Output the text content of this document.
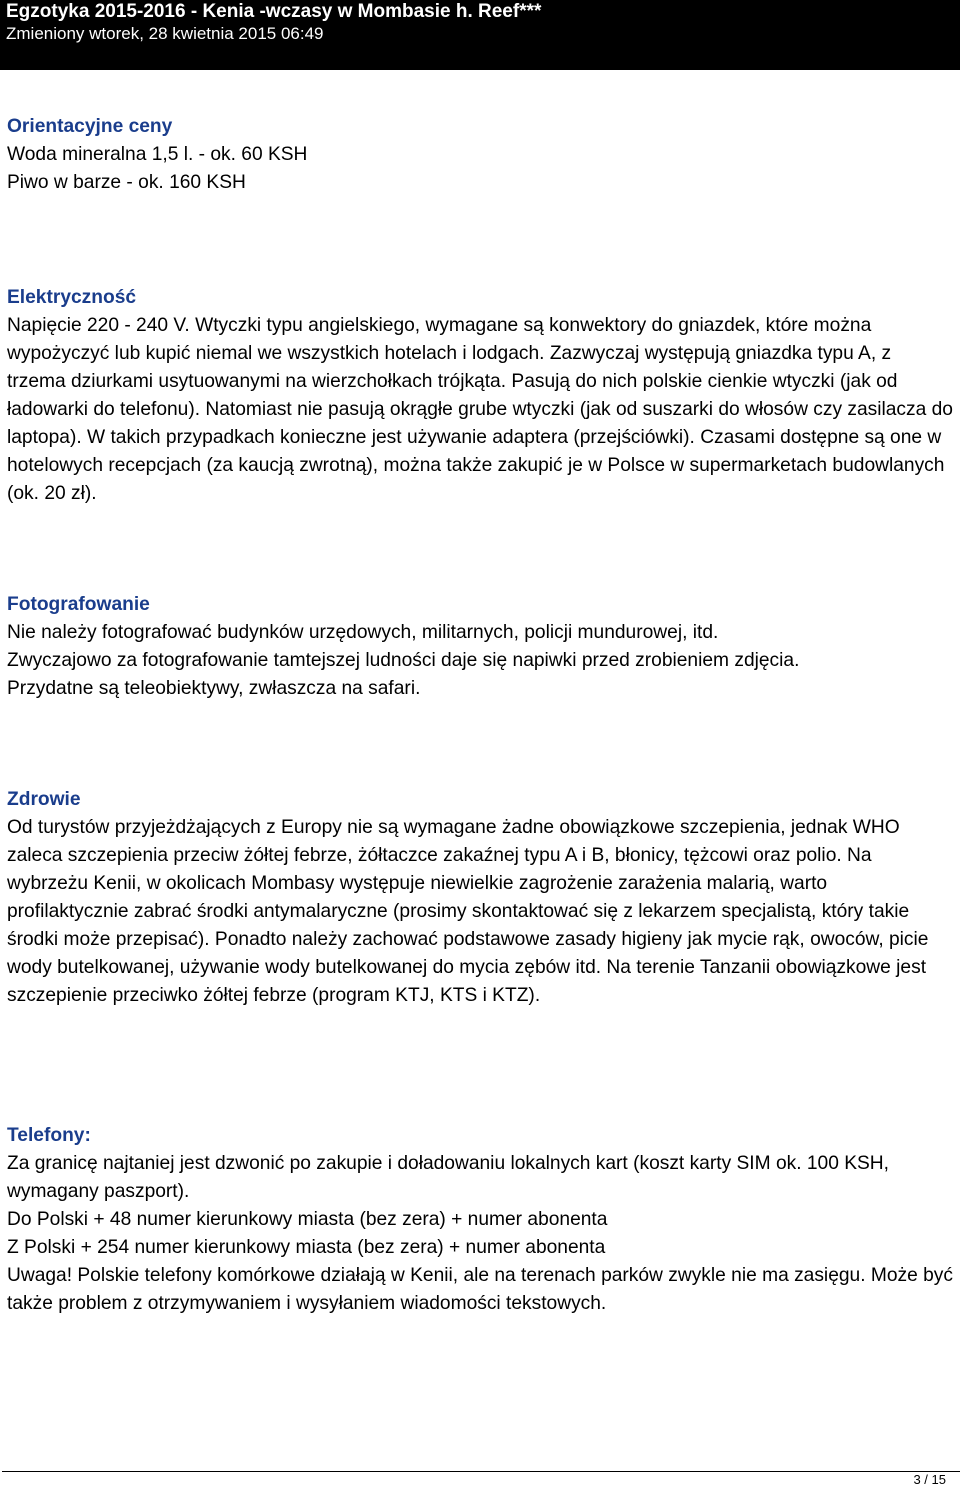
Egzotyka 2015-2016 - Kenia -wczasy w Mombasie h. Reef***
Zmieniony wtorek, 28 kwietnia 2015 06:49
Orientacyjne ceny
Woda mineralna 1,5 l. - ok. 60 KSH
Piwo w barze - ok. 160 KSH
Elektryczność
Napięcie 220 - 240 V. Wtyczki typu angielskiego, wymagane są konwektory do gniazdek, które można wypożyczyć lub kupić niemal we wszystkich hotelach i lodgach. Zazwyczaj występują gniazdka typu A, z trzema dziurkami usytuowanymi na wierzchołkach trójkąta. Pasują do nich polskie cienkie wtyczki (jak od ładowarki do telefonu). Natomiast nie pasują okrągłe grube wtyczki (jak od suszarki do włosów czy zasilacza do laptopa). W takich przypadkach konieczne jest używanie adaptera (przejściówki). Czasami dostępne są one w hotelowych recepcjach (za kaucją zwrotną), można także zakupić je w Polsce w supermarketach budowlanych (ok. 20 zł).
Fotografowanie
Nie należy fotografować budynków urzędowych, militarnych, policji mundurowej, itd.
Zwyczajowo za fotografowanie tamtejszej ludności daje się napiwki przed zrobieniem zdjęcia.
Przydatne są teleobiektywy, zwłaszcza na safari.
Zdrowie
Od turystów przyjeżdżających z Europy nie są wymagane żadne obowiązkowe szczepienia, jednak WHO zaleca szczepienia przeciw żółtej febrze, żółtaczce zakaźnej typu A i B, błonicy, tężcowi oraz polio. Na wybrzeżu Kenii, w okolicach Mombasy występuje niewielkie zagrożenie zarażenia malarią, warto profilaktycznie zabrać środki antymalaryczne (prosimy skontaktować się z lekarzem specjalistą, który takie środki może przepisać). Ponadto należy zachować podstawowe zasady higieny jak mycie rąk, owoców, picie wody butelkowanej, używanie wody butelkowanej do mycia zębów itd. Na terenie Tanzanii obowiązkowe jest szczepienie przeciwko żółtej febrze (program KTJ, KTS i KTZ).
Telefony:
Za granicę najtaniej jest dzwonić po zakupie i doładowaniu lokalnych kart (koszt karty SIM ok. 100 KSH, wymagany paszport).
Do Polski + 48 numer kierunkowy miasta (bez zera) + numer abonenta
Z Polski + 254 numer kierunkowy miasta (bez zera) + numer abonenta
Uwaga! Polskie telefony komórkowe działają w Kenii, ale na terenach parków zwykle nie ma zasięgu. Może być także problem z otrzymywaniem i wysyłaniem wiadomości tekstowych.
3 / 15
